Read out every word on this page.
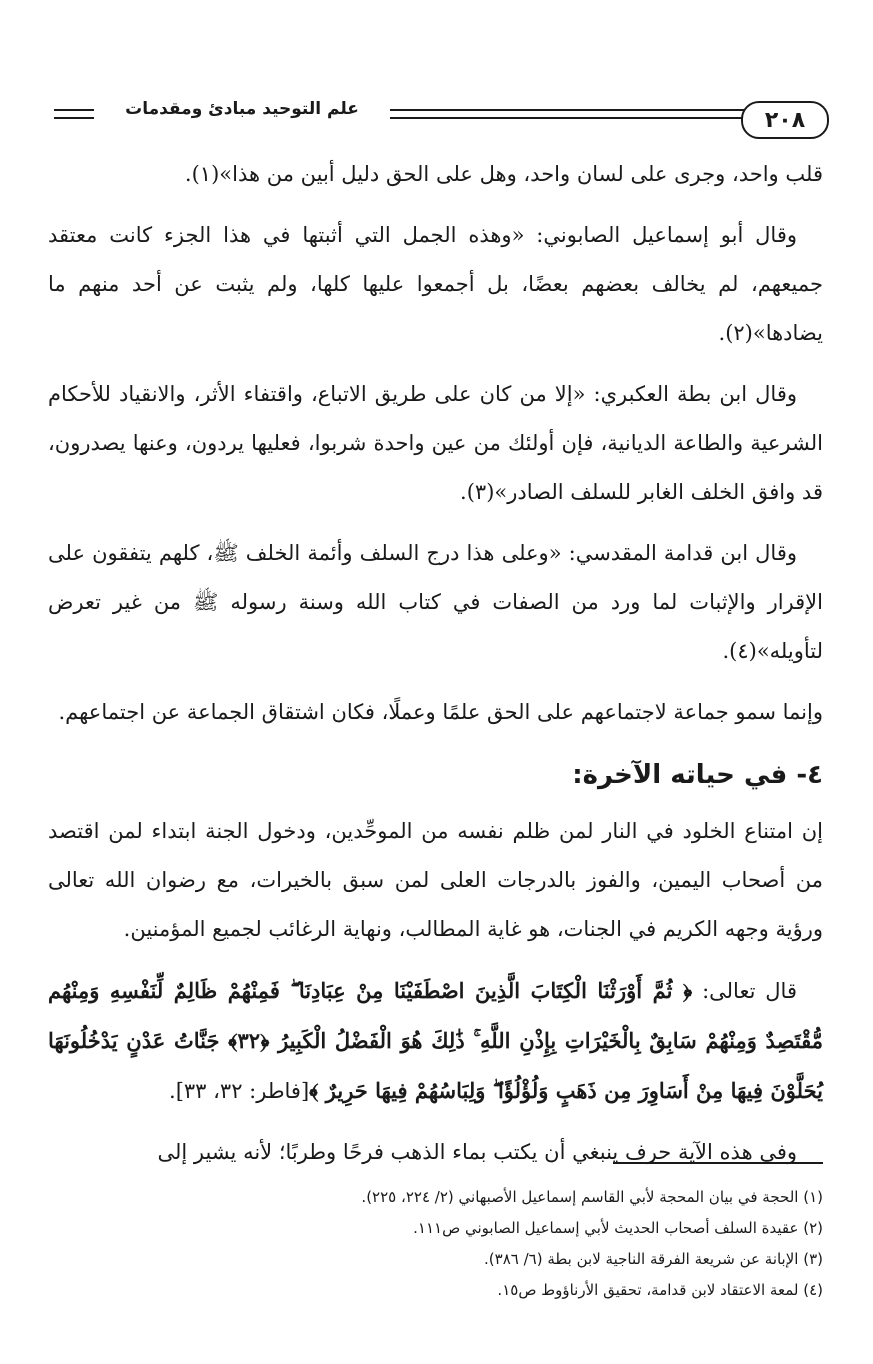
علم التوحيد مبادئ ومقدمات	٢٠٨

قلب واحد، وجرى على لسان واحد، وهل على الحق دليل أبين من هذا»(١).

وقال أبو إسماعيل الصابوني: «وهذه الجمل التي أثبتها في هذا الجزء كانت معتقد جميعهم، لم يخالف بعضهم بعضًا، بل أجمعوا عليها كلها، ولم يثبت عن أحد منهم ما يضادها»(٢).

وقال ابن بطة العكبري: «إلا من كان على طريق الاتباع، واقتفاء الأثر، والانقياد للأحكام الشرعية والطاعة الديانية، فإن أولئك من عين واحدة شربوا، فعليها يردون، وعنها يصدرون، قد وافق الخلف الغابر للسلف الصادر»(٣).

وقال ابن قدامة المقدسي: «وعلى هذا درج السلف وأئمة الخلف ﷺ، كلهم يتفقون على الإقرار والإثبات لما ورد من الصفات في كتاب الله وسنة رسوله ﷺ من غير تعرض لتأويله»(٤).

وإنما سمو جماعة لاجتماعهم على الحق علمًا وعملًا، فكان اشتقاق الجماعة عن اجتماعهم.

٤- في حياته الآخرة:

إن امتناع الخلود في النار لمن ظلم نفسه من الموحِّدين، ودخول الجنة ابتداء لمن اقتصد من أصحاب اليمين، والفوز بالدرجات العلى لمن سبق بالخيرات، مع رضوان الله تعالى ورؤية وجهه الكريم في الجنات، هو غاية المطالب، ونهاية الرغائب لجميع المؤمنين.

قال تعالى: ﴿ ثُمَّ أَوْرَثْنَا الْكِتَابَ الَّذِينَ اصْطَفَيْنَا مِنْ عِبَادِنَا ۖ فَمِنْهُمْ ظَالِمٌ لِّنَفْسِهِ وَمِنْهُم مُّقْتَصِدٌ وَمِنْهُمْ سَابِقٌ بِالْخَيْرَاتِ بِإِذْنِ اللَّهِ ۚ ذَٰلِكَ هُوَ الْفَضْلُ الْكَبِيرُ ﴿٣٢﴾ جَنَّاتُ عَدْنٍ يَدْخُلُونَهَا يُحَلَّوْنَ فِيهَا مِنْ أَسَاوِرَ مِن ذَهَبٍ وَلُؤْلُؤًا ۖ وَلِبَاسُهُمْ فِيهَا حَرِيرٌ ﴾[فاطر: ٣٢، ٣٣].

وفي هذه الآية حرف ينبغي أن يكتب بماء الذهب فرحًا وطربًا؛ لأنه يشير إلى

(١) الحجة في بيان المحجة لأبي القاسم إسماعيل الأصبهاني (٢/ ٢٢٤، ٢٢٥).
(٢) عقيدة السلف أصحاب الحديث لأبي إسماعيل الصابوني ص١١١.
(٣) الإبانة عن شريعة الفرقة الناجية لابن بطة (٦/ ٣٨٦).
(٤) لمعة الاعتقاد لابن قدامة، تحقيق الأرناؤوط ص١٥.
